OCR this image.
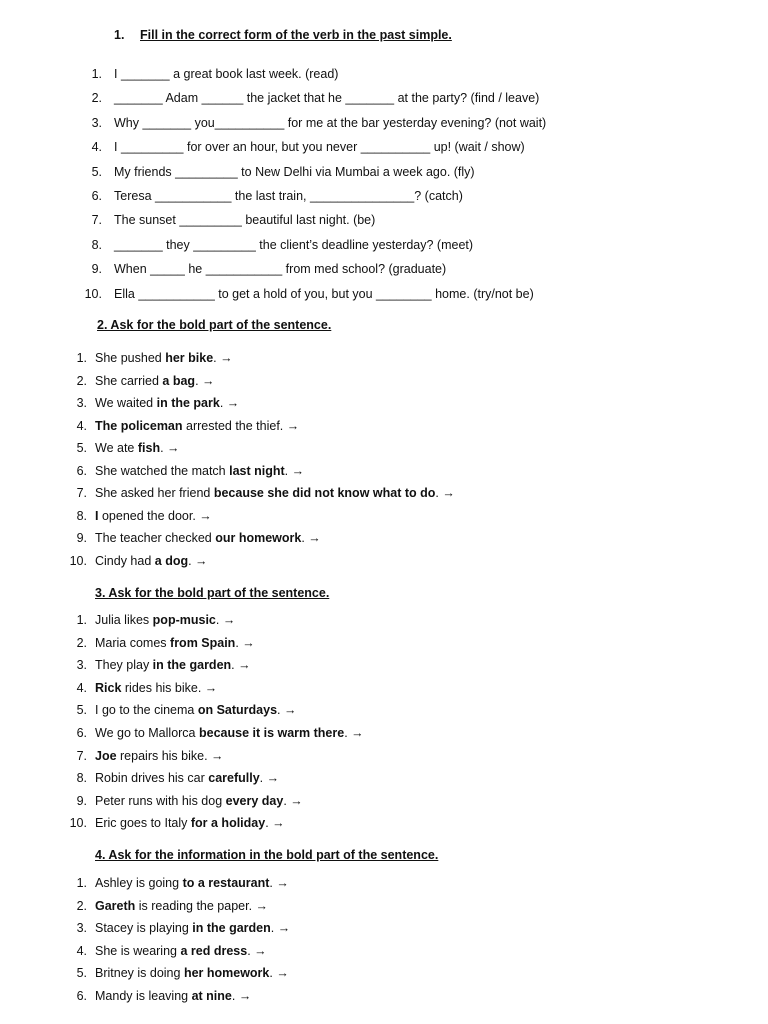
1. Fill in the correct form of the verb in the past simple.
1. I _______ a great book last week. (read)
2. _______ Adam ______ the jacket that he _______ at the party? (find / leave)
3. Why _______ you__________ for me at the bar yesterday evening? (not wait)
4. I _________ for over an hour, but you never __________ up! (wait / show)
5. My friends _________ to New Delhi via Mumbai a week ago. (fly)
6. Teresa ___________ the last train, _______________? (catch)
7. The sunset _________ beautiful last night. (be)
8. _______ they _________ the client’s deadline yesterday? (meet)
9. When _____ he ___________ from med school? (graduate)
10. Ella ___________ to get a hold of you, but you ________ home. (try/not be)
2. Ask for the bold part of the sentence.
1. She pushed her bike. →
2. She carried a bag. →
3. We waited in the park. →
4. The policeman arrested the thief. →
5. We ate fish. →
6. She watched the match last night. →
7. She asked her friend because she did not know what to do. →
8. I opened the door. →
9. The teacher checked our homework. →
10. Cindy had a dog. →
3. Ask for the bold part of the sentence.
1. Julia likes pop-music. →
2. Maria comes from Spain. →
3. They play in the garden. →
4. Rick rides his bike. →
5. I go to the cinema on Saturdays. →
6. We go to Mallorca because it is warm there. →
7. Joe repairs his bike. →
8. Robin drives his car carefully. →
9. Peter runs with his dog every day. →
10. Eric goes to Italy for a holiday. →
4. Ask for the information in the bold part of the sentence.
1. Ashley is going to a restaurant. →
2. Gareth is reading the paper. →
3. Stacey is playing in the garden. →
4. She is wearing a red dress. →
5. Britney is doing her homework. →
6. Mandy is leaving at nine. →
